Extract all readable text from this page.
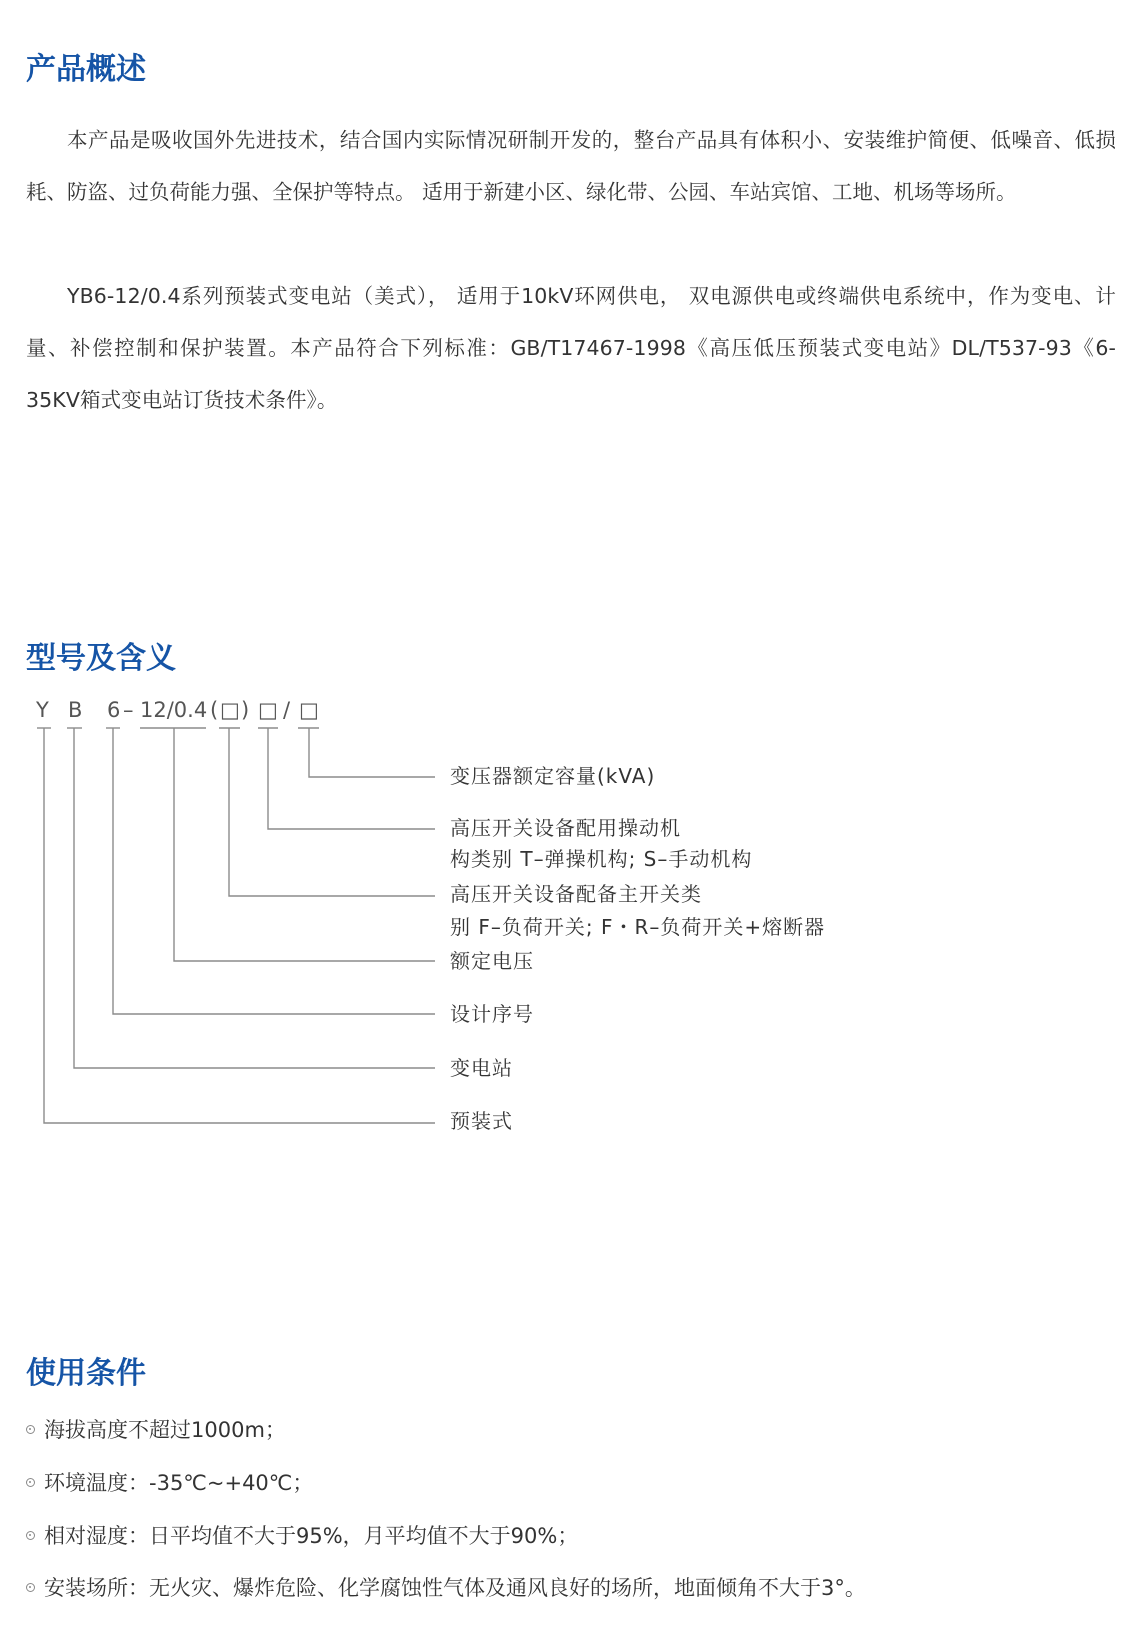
产品概述

本产品是吸收国外先进技术，结合国内实际情况研制开发的，整台产品具有体积小、安装维护简便、低噪音、低损耗、防盗、过负荷能力强、全保护等特点。 适用于新建小区、绿化带、公园、车站宾馆、工地、机场等场所。

YB6-12/0.4系列预装式变电站（美式）， 适用于10kV环网供电， 双电源供电或终端供电系统中，作为变电、计量、补偿控制和保护装置。本产品符合下列标准：GB/T17467-1998《高压低压预装式变电站》DL/T537-93《6-35KV箱式变电站订货技术条件》。

型号及含义
Y B 6 – 12/0.4 ( □ ) □ / □
变压器额定容量(kVA)
高压开关设备配用操动机
构类别 T–弹操机构; S–手动机构
高压开关设备配备主开关类
别 F–负荷开关; F・R–负荷开关+熔断器
额定电压
设计序号
变电站
预装式
使用条件
海拔高度不超过1000m；
环境温度：-35℃~+40℃；
相对湿度：日平均值不大于95%，月平均值不大于90%；
安装场所：无火灾、爆炸危险、化学腐蚀性气体及通风良好的场所，地面倾角不大于3°。
